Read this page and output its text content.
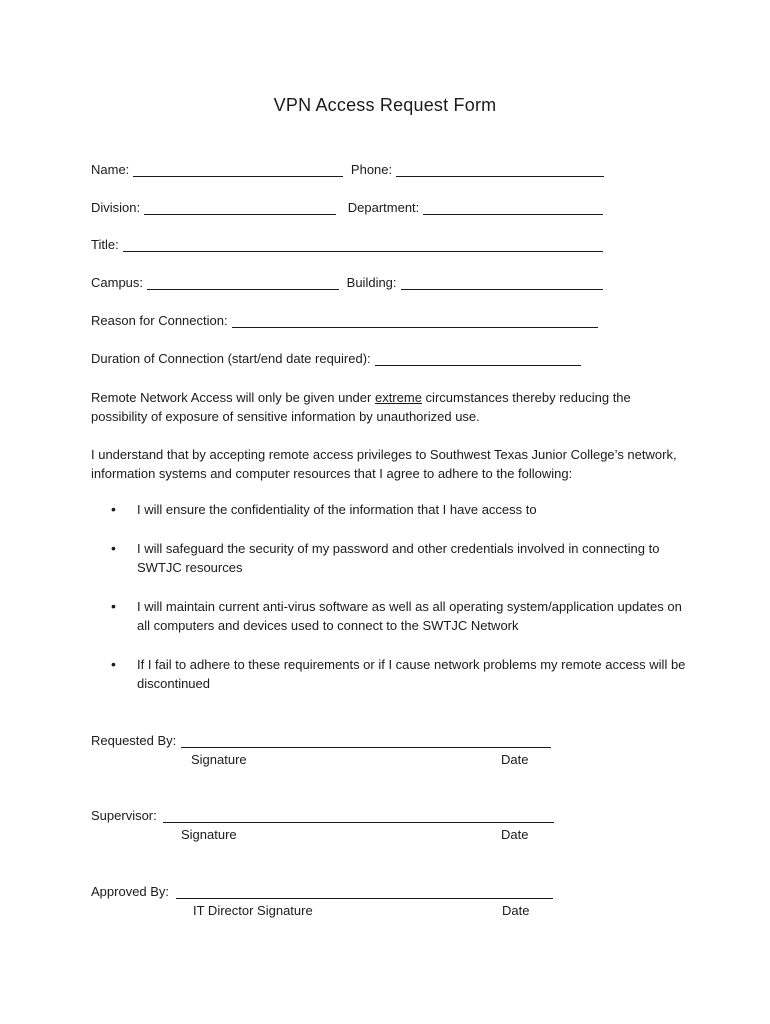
VPN Access Request Form
Name:
	Phone:
Division:
	Department:
Title:
Campus:
	Building:
Reason for Connection:
Duration of Connection (start/end date required):

Remote Network Access will only be given under extreme circumstances thereby reducing the possibility of exposure of sensitive information by unauthorized use.

I understand that by accepting remote access privileges to Southwest Texas Junior College’s network, information systems and computer resources that I agree to adhere to the following:

• I will ensure the confidentiality of the information that I have access to
• I will safeguard the security of my password and other credentials involved in connecting to SWTJC resources
• I will maintain current anti-virus software as well as all operating system/application updates on all computers and devices used to connect to the SWTJC Network
• If I fail to adhere to these requirements or if I cause network problems my remote access will be discontinued
Requested By:
Signature	Date
Supervisor:
Signature	Date
Approved By:
IT Director Signature	Date
